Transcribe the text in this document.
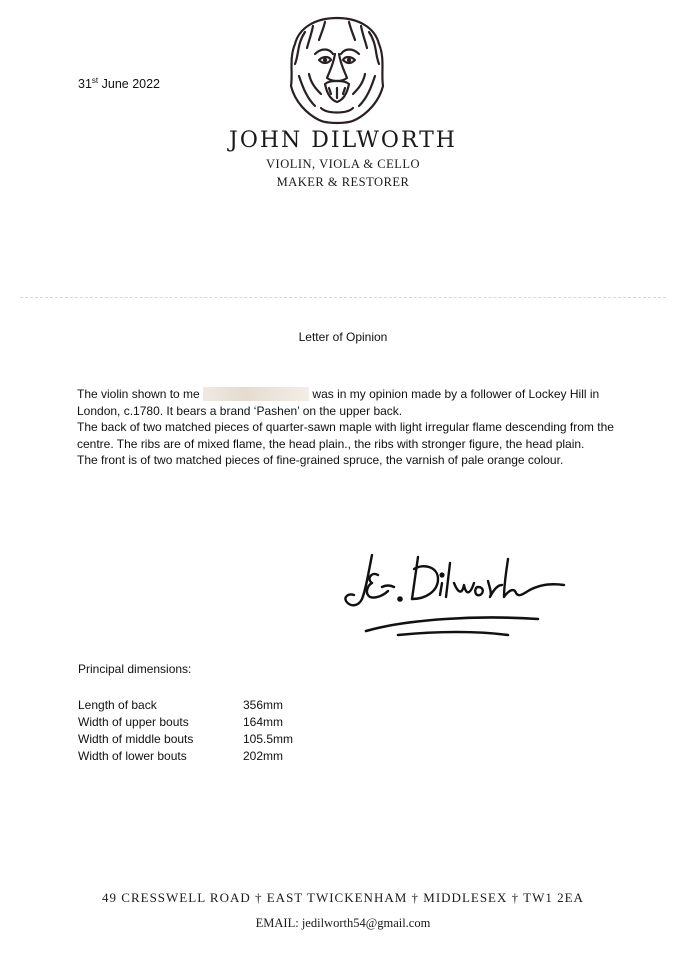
31st June 2022
JOHN DILWORTH
VIOLIN, VIOLA & CELLO
MAKER & RESTORER
Letter of Opinion

The violin shown to me	was in my opinion made by a follower of Lockey Hill in London, c.1780. It bears a brand ‘Pashen’ on the upper back.

The back of two matched pieces of quarter-sawn maple with light irregular flame descending from the centre. The ribs are of mixed flame, the head plain., the ribs with stronger figure, the head plain.

The front is of two matched pieces of fine-grained spruce, the varnish of pale orange colour.

Principal dimensions:
Length of back	356mm
Width of upper bouts	164mm
Width of middle bouts	105.5mm
Width of lower bouts	202mm
49 CRESSWELL ROAD † EAST TWICKENHAM † MIDDLESEX † TW1 2EA
EMAIL: jedilworth54@gmail.com
